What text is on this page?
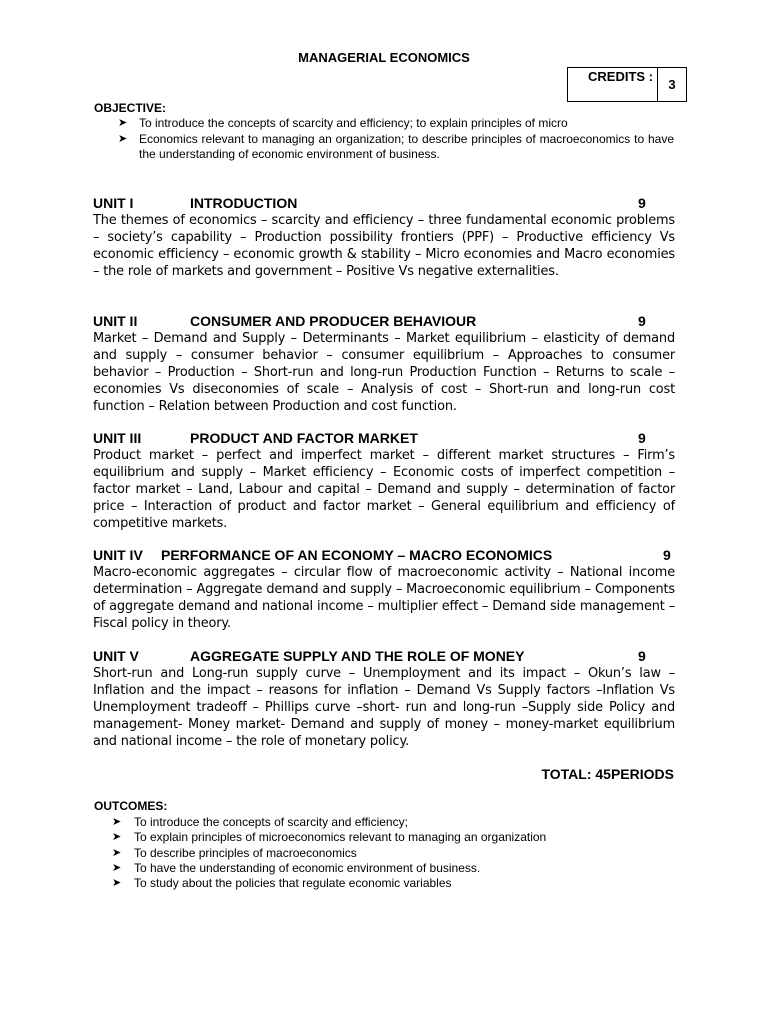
MANAGERIAL ECONOMICS
CREDITS :	3
OBJECTIVE:
➤ To introduce the concepts of scarcity and efficiency; to explain principles of micro
➤ Economics relevant to managing an organization; to describe principles of macroeconomics to have the understanding of economic environment of business.
UNIT I	INTRODUCTION	9

The themes of economics – scarcity and efficiency – three fundamental economic problems – society’s capability – Production possibility frontiers (PPF) – Productive efficiency Vs economic efficiency – economic growth & stability – Micro economies and Macro economies – the role of markets and government – Positive Vs negative externalities.

UNIT II	CONSUMER AND PRODUCER BEHAVIOUR	9

Market – Demand and Supply – Determinants – Market equilibrium – elasticity of demand and supply – consumer behavior – consumer equilibrium – Approaches to consumer behavior – Production – Short-run and long-run Production Function – Returns to scale – economies Vs diseconomies of scale – Analysis of cost – Short-run and long-run cost function – Relation between Production and cost function.

UNIT III	PRODUCT AND FACTOR MARKET	9

Product market – perfect and imperfect market – different market structures – Firm’s equilibrium and supply – Market efficiency – Economic costs of imperfect competition – factor market – Land, Labour and capital – Demand and supply – determination of factor price – Interaction of product and factor market – General equilibrium and efficiency of competitive markets.

UNIT IV PERFORMANCE OF AN ECONOMY – MACRO ECONOMICS	9

Macro-economic aggregates – circular flow of macroeconomic activity – National income determination – Aggregate demand and supply – Macroeconomic equilibrium – Components of aggregate demand and national income – multiplier effect – Demand side management – Fiscal policy in theory.

UNIT V	AGGREGATE SUPPLY AND THE ROLE OF MONEY	9

Short-run and Long-run supply curve – Unemployment and its impact – Okun’s law – Inflation and the impact – reasons for inflation – Demand Vs Supply factors –Inflation Vs Unemployment tradeoff – Phillips curve –short- run and long-run –Supply side Policy and management- Money market- Demand and supply of money – money-market equilibrium and national income – the role of monetary policy.

TOTAL: 45PERIODS
OUTCOMES:
➤ To introduce the concepts of scarcity and efficiency;
➤ To explain principles of microeconomics relevant to managing an organization
➤ To describe principles of macroeconomics
➤ To have the understanding of economic environment of business.
➤ To study about the policies that regulate economic variables
